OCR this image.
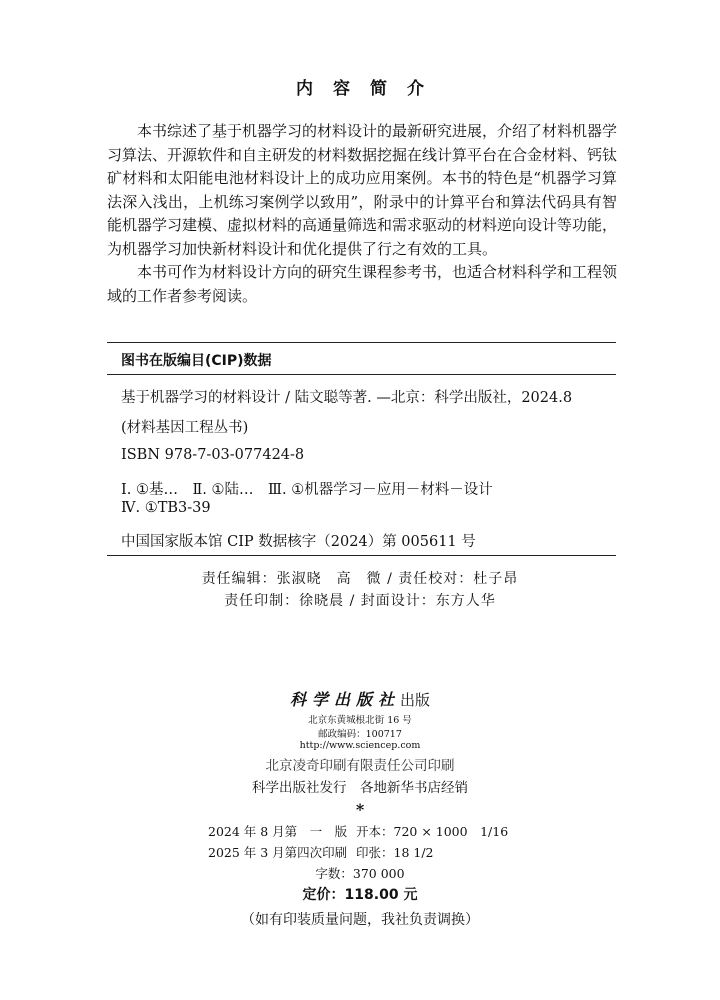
内容简介

本书综述了基于机器学习的材料设计的最新研究进展，介绍了材料机器学习算法、开源软件和自主研发的材料数据挖掘在线计算平台在合金材料、钙钛矿材料和太阳能电池材料设计上的成功应用案例。本书的特色是“机器学习算法深入浅出，上机练习案例学以致用”，附录中的计算平台和算法代码具有智能机器学习建模、虚拟材料的高通量筛选和需求驱动的材料逆向设计等功能，为机器学习加快新材料设计和优化提供了行之有效的工具。

本书可作为材料设计方向的研究生课程参考书，也适合材料科学和工程领域的工作者参考阅读。

图书在版编目(CIP)数据
基于机器学习的材料设计 / 陆文聪等著. —北京：科学出版社，2024.8
(材料基因工程丛书)
ISBN 978-7-03-077424-8
Ⅰ. ①基…　Ⅱ. ①陆…　Ⅲ. ①机器学习－应用－材料－设计
Ⅳ. ①TB3-39
中国国家版本馆 CIP 数据核字（2024）第 005611 号
责任编辑：张淑晓　高　微 / 责任校对：杜子昂
责任印制：徐晓晨 / 封面设计：东方人华
科学出版社出版
北京东黄城根北街 16 号
邮政编码：100717
http://www.sciencep.com
北京凌奇印刷有限责任公司印刷
科学出版社发行　各地新华书店经销
*
2024 年 8 月第　一　版 开本：720 × 1000　1/16
2025 年 3 月第四次印刷 印张：18 1/2
字数：370 000
定价：118.00 元
（如有印装质量问题，我社负责调换）
